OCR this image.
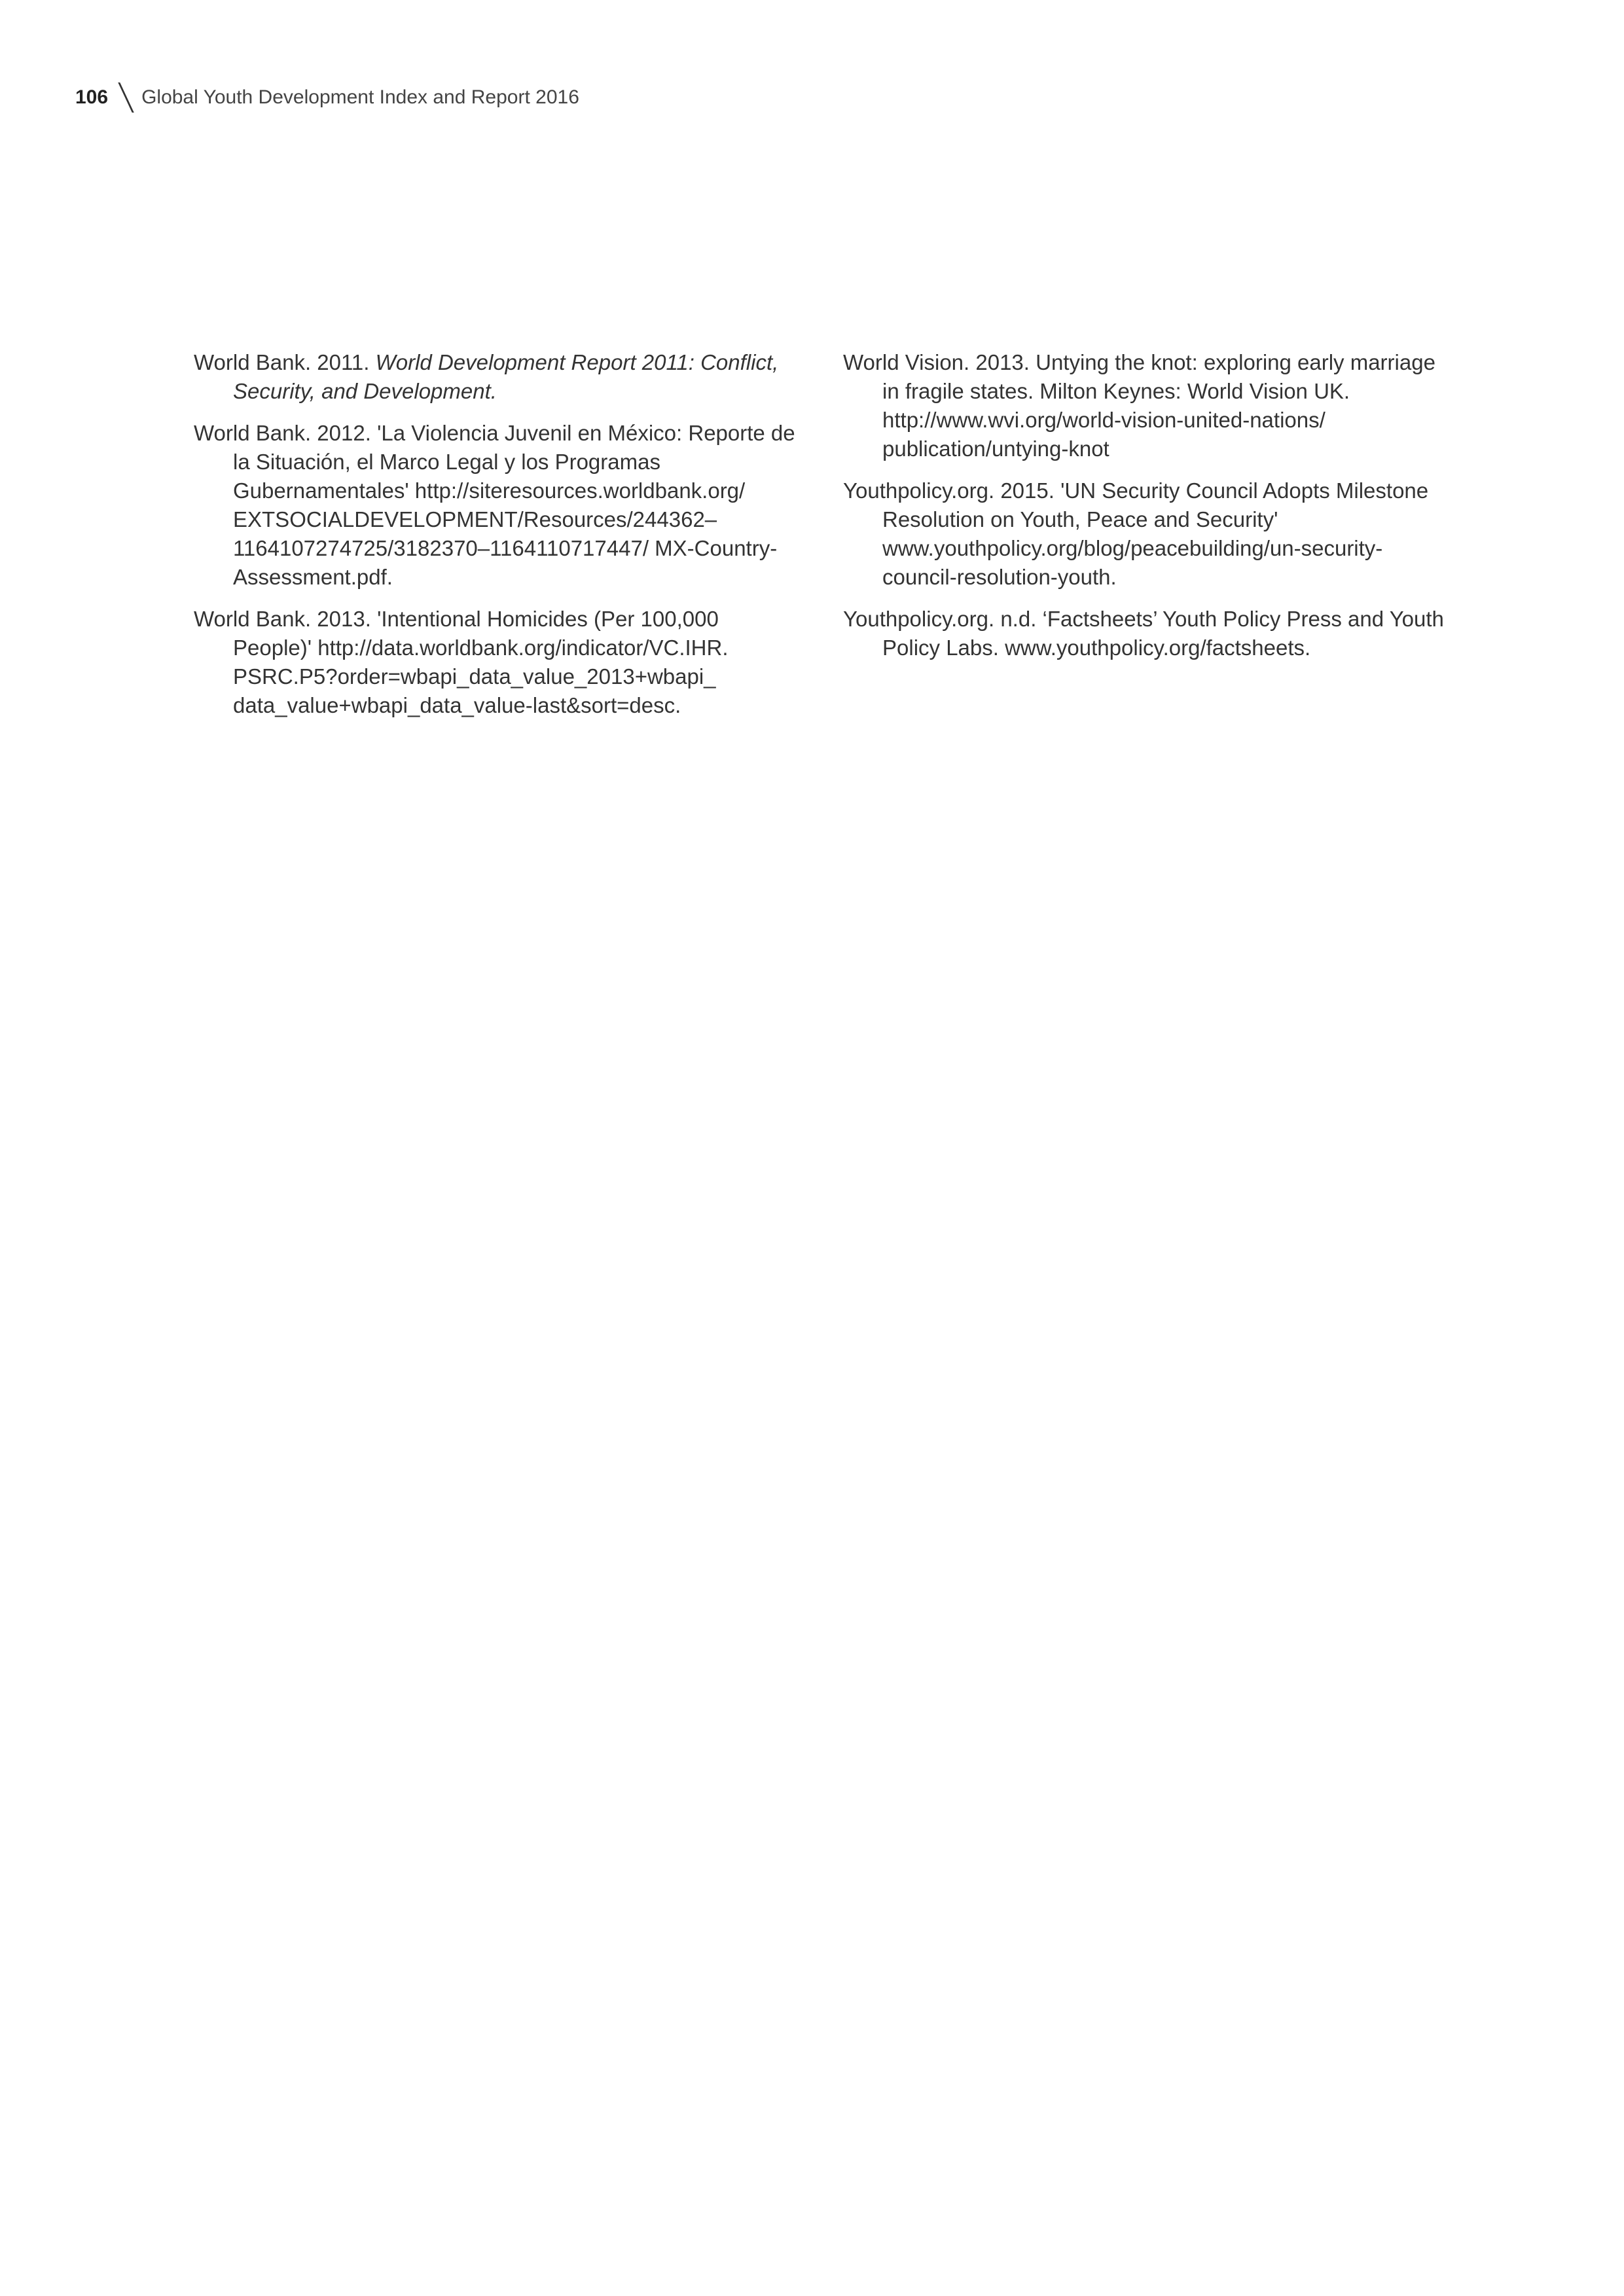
106 Global Youth Development Index and Report 2016

World Bank. 2011. World Development Report 2011: Conflict, Security, and Development.

World Bank. 2012. 'La Violencia Juvenil en México: Reporte de la Situación, el Marco Legal y los Programas Gubernamentales' http://siteresources.worldbank.org/ EXTSOCIALDEVELOPMENT/Resources/244362– 1164107274725/3182370–1164110717447/ MX-Country-Assessment.pdf.

World Bank. 2013. 'Intentional Homicides (Per 100,000 People)' http://data.worldbank.org/indicator/VC.IHR. PSRC.P5?order=wbapi_data_value_2013+wbapi_ data_value+wbapi_data_value-last&sort=desc.

World Vision. 2013. Untying the knot: exploring early marriage in fragile states. Milton Keynes: World Vision UK. http://www.wvi.org/world-vision-united-nations/ publication/untying-knot

Youthpolicy.org. 2015. 'UN Security Council Adopts Milestone Resolution on Youth, Peace and Security' www.youthpolicy.org/blog/peacebuilding/un-security-council-resolution-youth.

Youthpolicy.org. n.d. ‘Factsheets’ Youth Policy Press and Youth Policy Labs. www.youthpolicy.org/factsheets.
